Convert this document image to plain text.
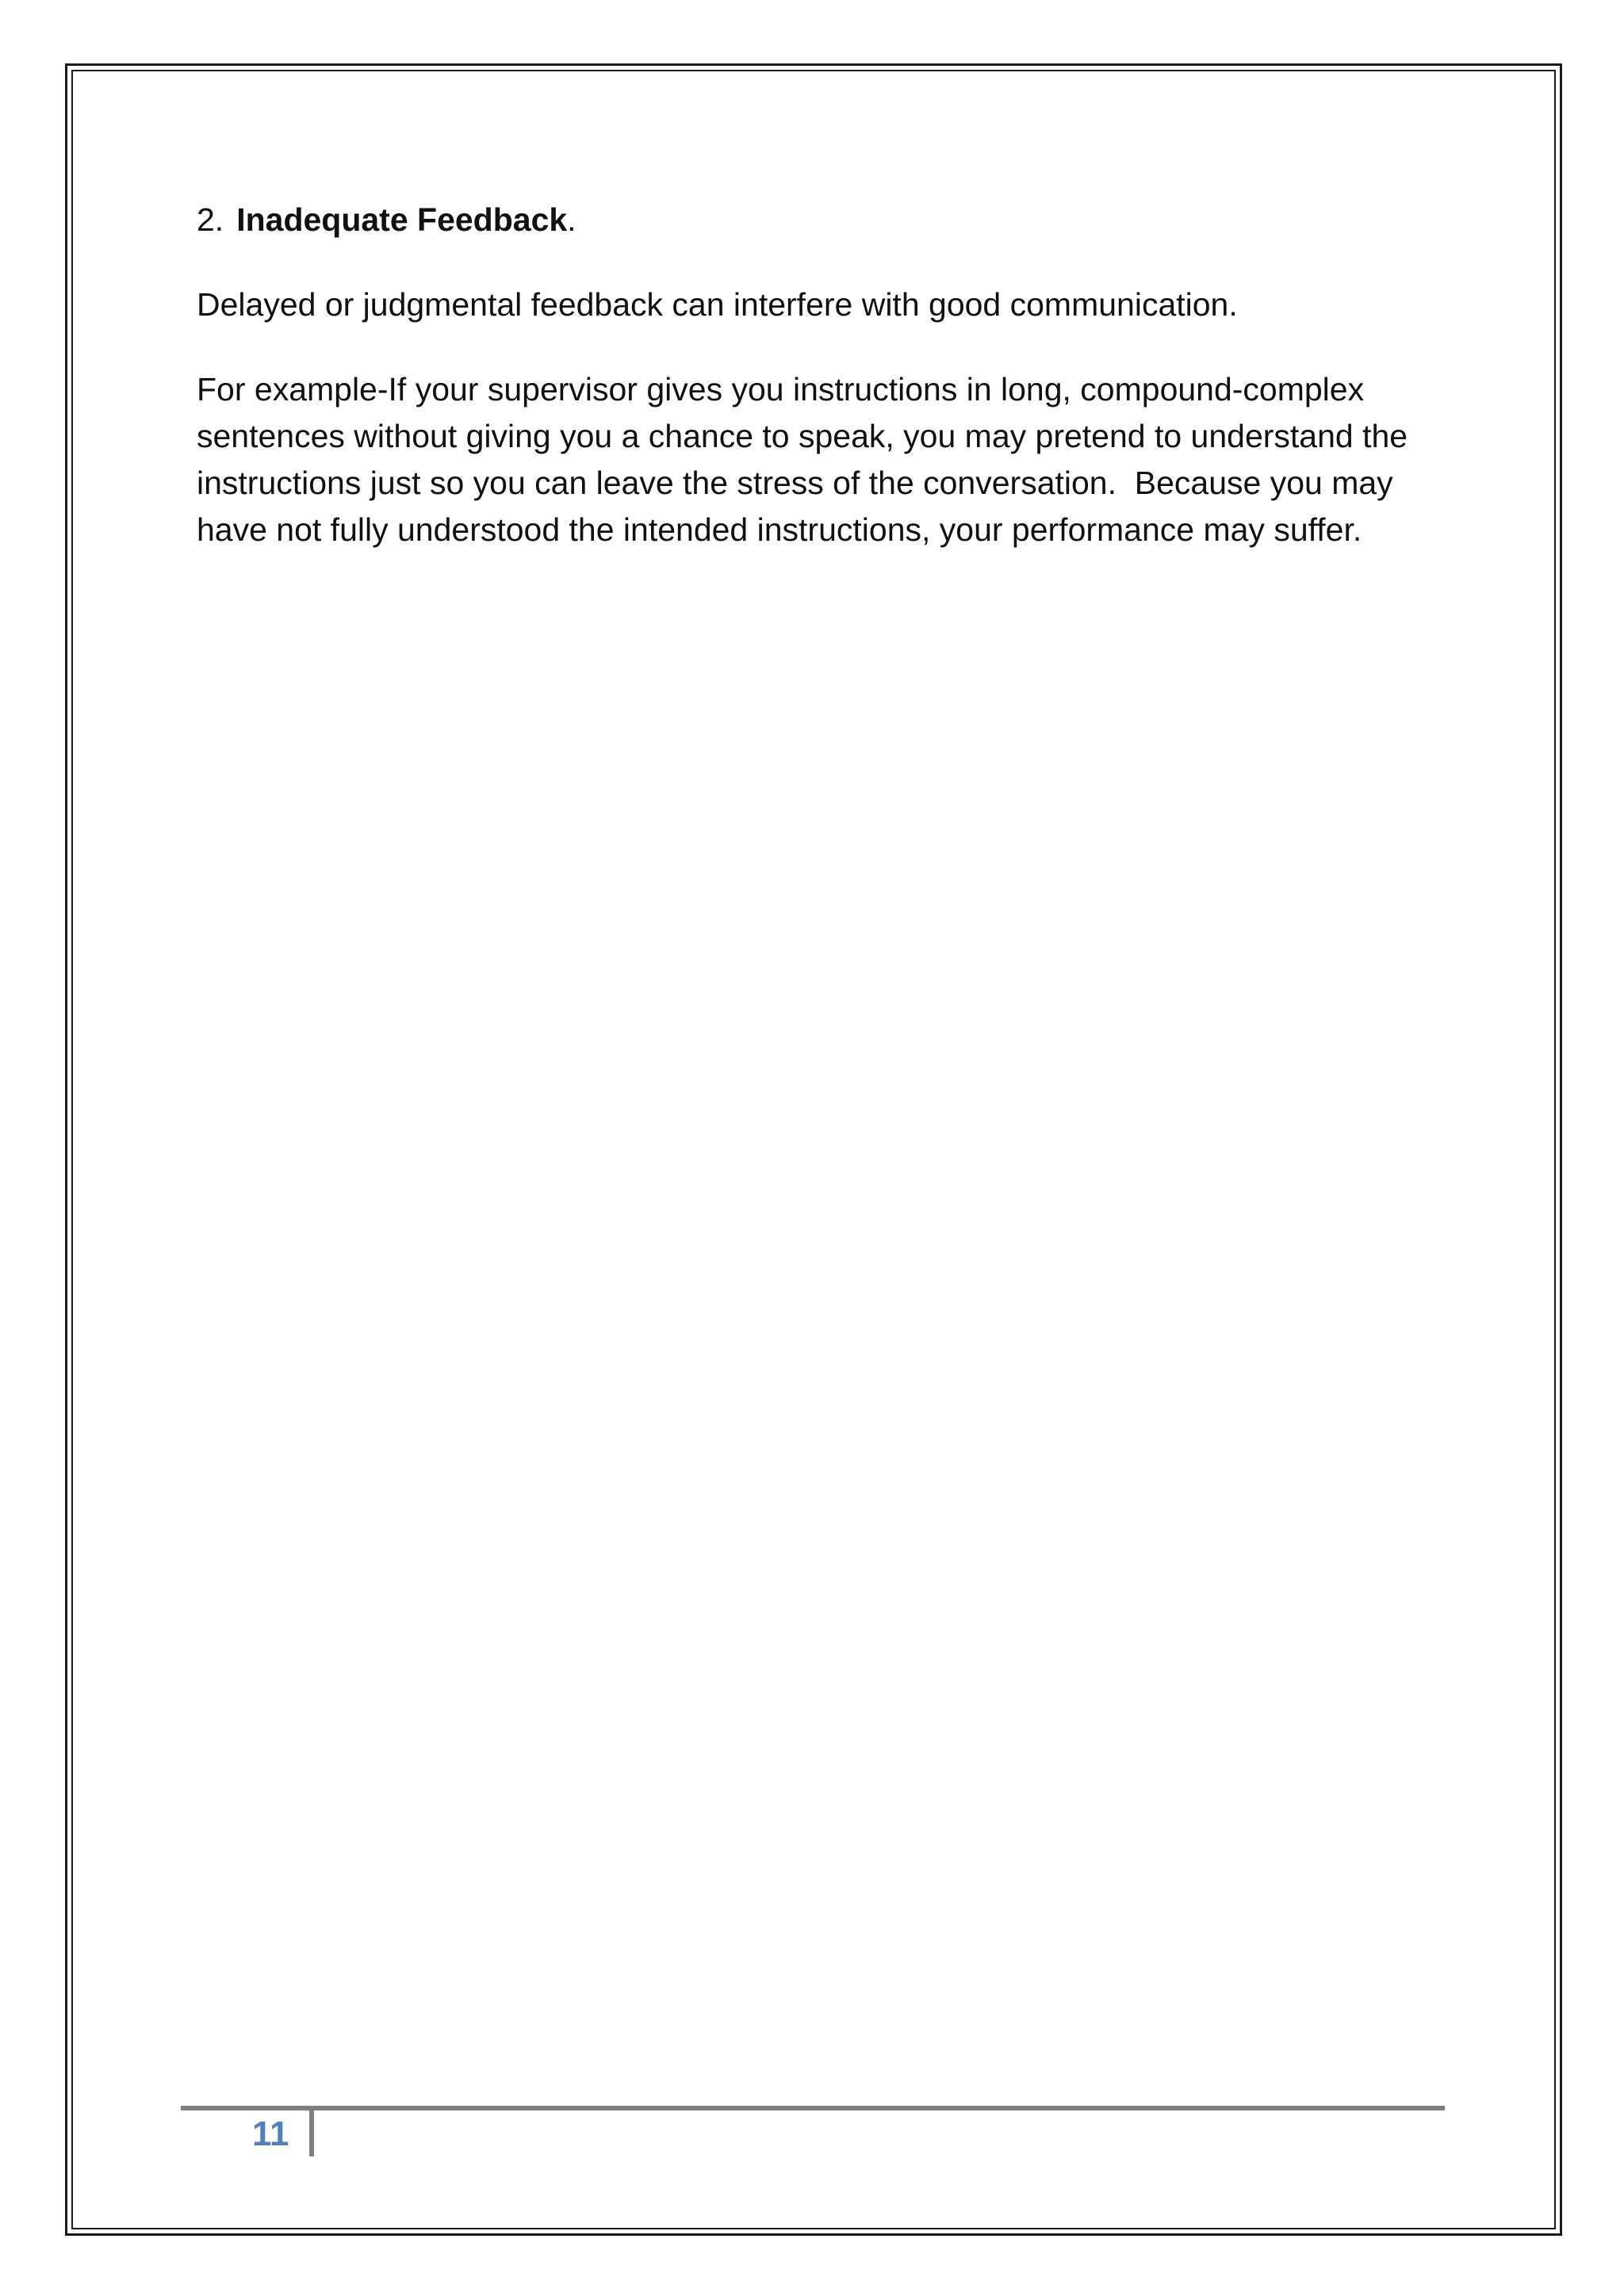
2. Inadequate Feedback.

Delayed or judgmental feedback can interfere with good communication.

For example-If your supervisor gives you instructions in long, compound-complex sentences without giving you a chance to speak, you may pretend to understand the instructions just so you can leave the stress of the conversation.  Because you may have not fully understood the intended instructions, your performance may suffer.

11
